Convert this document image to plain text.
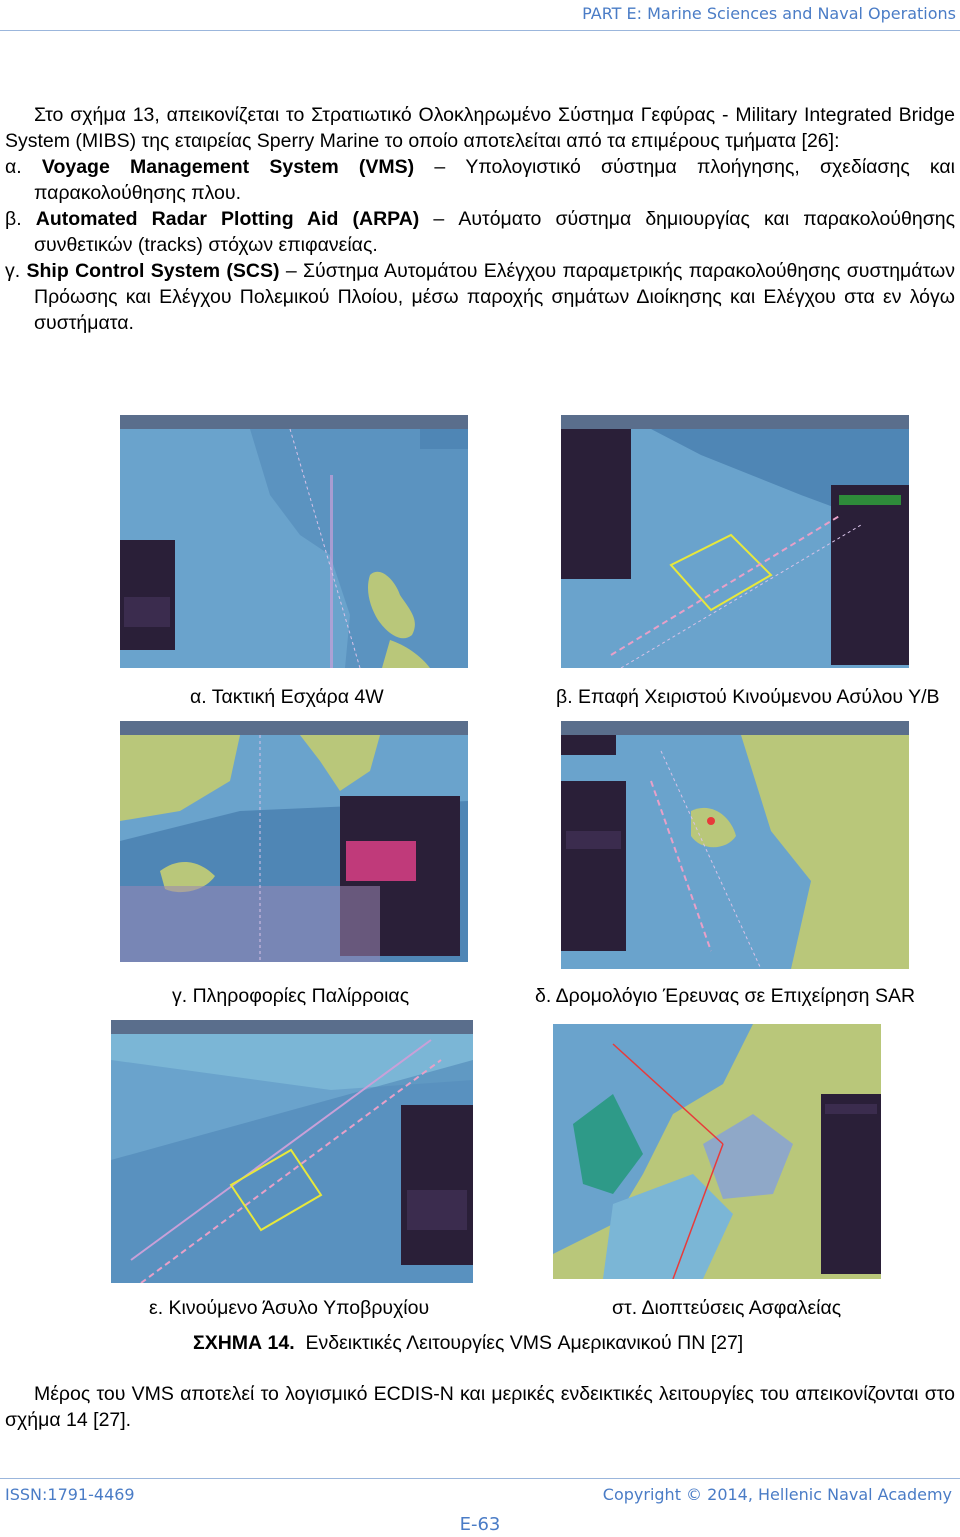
PART E: Marine Sciences and Naval Operations

Στο σχήμα 13, απεικονίζεται το Στρατιωτικό Ολοκληρωμένο Σύστημα Γεφύρας - Military Integrated Bridge System (MIBS) της εταιρείας Sperry Marine το οποίο αποτελείται από τα επιμέρους τμήματα [26]:

α. Voyage Management System (VMS) – Υπολογιστικό σύστημα πλοήγησης, σχεδίασης και παρακολούθησης πλου.

β. Automated Radar Plotting Aid (ARPA) – Αυτόματο σύστημα δημιουργίας και παρακολούθησης συνθετικών (tracks) στόχων επιφανείας.

γ. Ship Control System (SCS) – Σύστημα Αυτομάτου Ελέγχου παραμετρικής παρακολούθησης συστημάτων Πρόωσης και Ελέγχου Πολεμικού Πλοίου, μέσω παροχής σημάτων Διοίκησης και Ελέγχου στα εν λόγω συστήματα.

α. Τακτική Εσχάρα 4W	β. Επαφή Χειριστού Κινούμενου Ασύλου Υ/Β
γ. Πληροφορίες Παλίρροιας	δ. Δρομολόγιο Έρευνας σε Επιχείρηση SAR
ε. Κινούμενο Άσυλο Υποβρυχίου	στ. Διοπτεύσεις Ασφαλείας
ΣΧΗΜΑ 14. Ενδεικτικές Λειτουργίες VMS Αμερικανικού ΠΝ [27]

Μέρος του VMS αποτελεί το λογισμικό ECDIS-N και μερικές ενδεικτικές λειτουργίες του απεικονίζονται στο σχήμα 14 [27].

ISSN:1791-4469	Copyright © 2014, Hellenic Naval Academy
E-63
